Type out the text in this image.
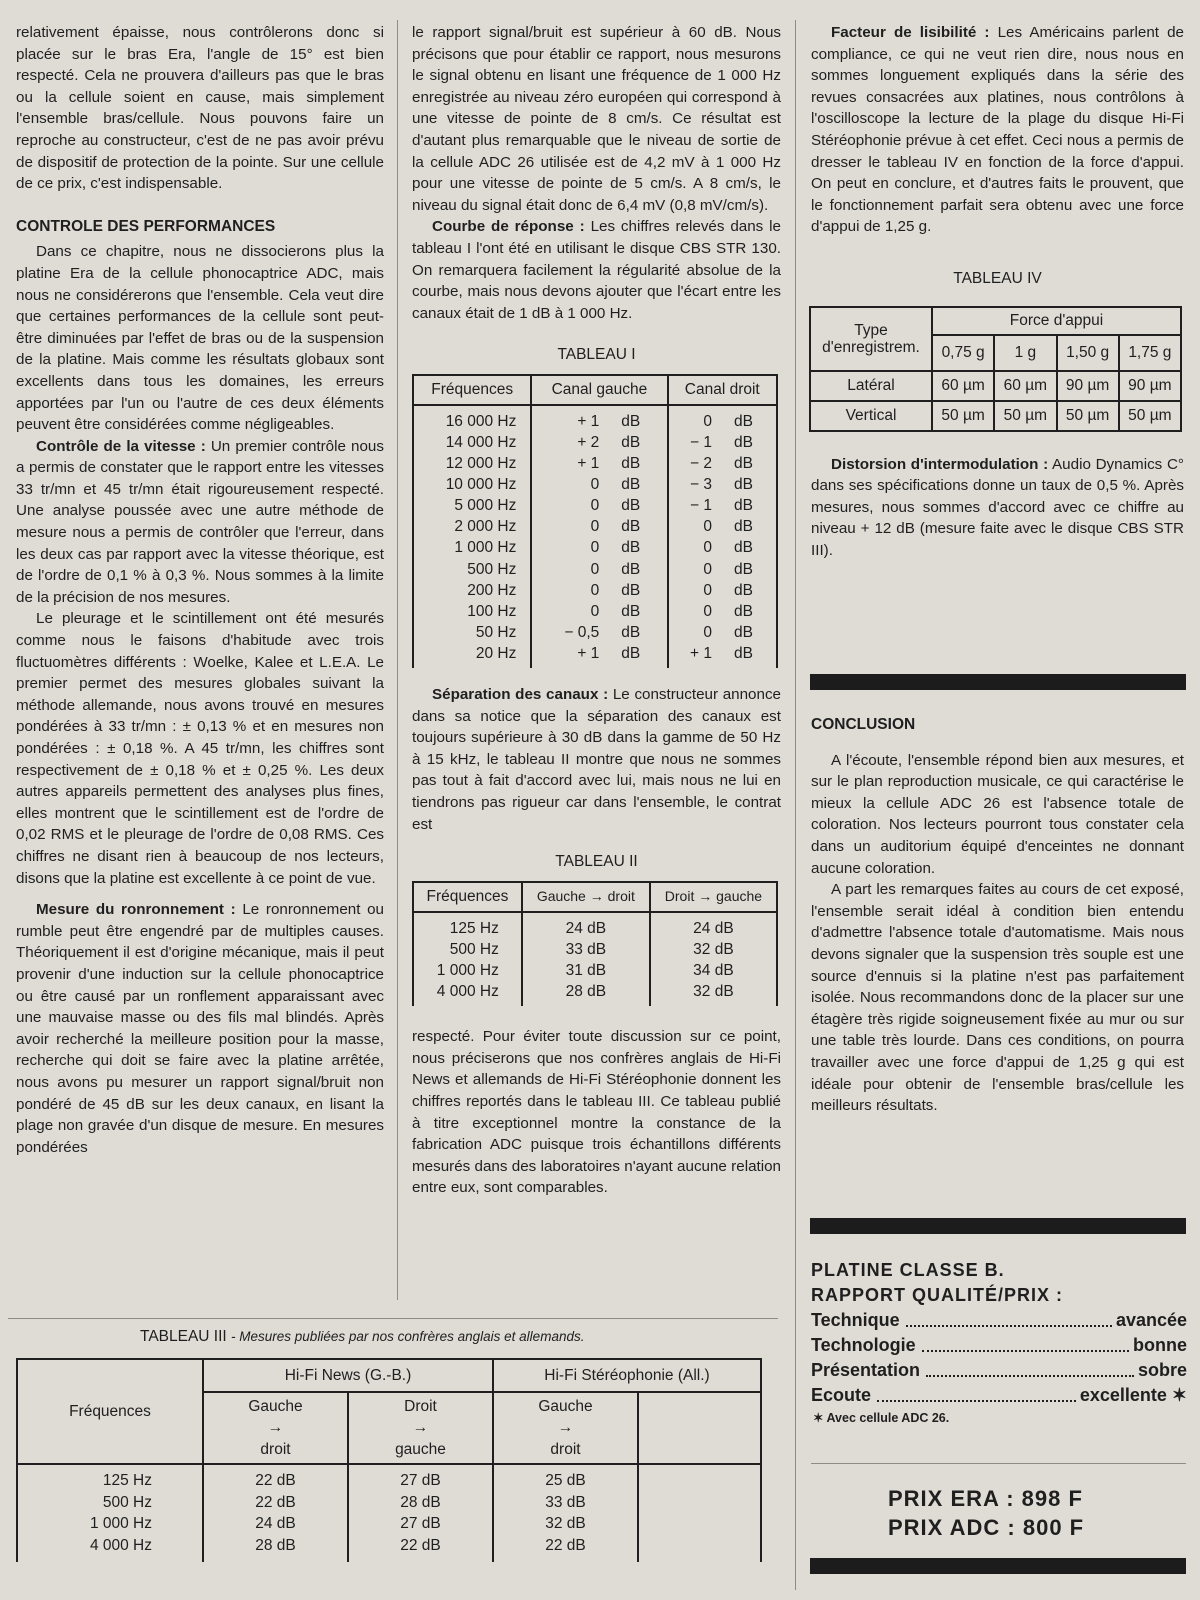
relativement épaisse, nous contrôlerons donc si placée sur le bras Era, l'angle de 15° est bien respecté. Cela ne prouvera d'ailleurs pas que le bras ou la cellule soient en cause, mais simplement l'ensemble bras/cellule. Nous pouvons faire un reproche au constructeur, c'est de ne pas avoir prévu de dispositif de protection de la pointe. Sur une cellule de ce prix, c'est indispensable.

CONTROLE DES PERFORMANCES

Dans ce chapitre, nous ne dissocierons plus la platine Era de la cellule phonocaptrice ADC, mais nous ne considérerons que l'ensemble. Cela veut dire que certaines performances de la cellule sont peut-être diminuées par l'effet de bras ou de la suspension de la platine. Mais comme les résultats globaux sont excellents dans tous les domaines, les erreurs apportées par l'un ou l'autre de ces deux éléments peuvent être considérées comme négligeables.

Contrôle de la vitesse : Un premier contrôle nous a permis de constater que le rapport entre les vitesses 33 tr/mn et 45 tr/mn était rigoureusement respecté. Une analyse poussée avec une autre méthode de mesure nous a permis de contrôler que l'erreur, dans les deux cas par rapport avec la vitesse théorique, est de l'ordre de 0,1 % à 0,3 %. Nous sommes à la limite de la précision de nos mesures.

Le pleurage et le scintillement ont été mesurés comme nous le faisons d'habitude avec trois fluctuomètres différents : Woelke, Kalee et L.E.A. Le premier permet des mesures globales suivant la méthode allemande, nous avons trouvé en mesures pondérées à 33 tr/mn : ± 0,13 % et en mesures non pondérées : ± 0,18 %. A 45 tr/mn, les chiffres sont respectivement de ± 0,18 % et ± 0,25 %. Les deux autres appareils permettent des analyses plus fines, elles montrent que le scintillement est de l'ordre de 0,02 RMS et le pleurage de l'ordre de 0,08 RMS. Ces chiffres ne disant rien à beaucoup de nos lecteurs, disons que la platine est excellente à ce point de vue.

Mesure du ronronnement : Le ronronnement ou rumble peut être engendré par de multiples causes. Théoriquement il est d'origine mécanique, mais il peut provenir d'une induction sur la cellule phonocaptrice ou être causé par un ronflement apparaissant avec une mauvaise masse ou des fils mal blindés. Après avoir recherché la meilleure position pour la masse, recherche qui doit se faire avec la platine arrêtée, nous avons pu mesurer un rapport signal/bruit non pondéré de 45 dB sur les deux canaux, en lisant la plage non gravée d'un disque de mesure. En mesures pondérées

le rapport signal/bruit est supérieur à 60 dB. Nous précisons que pour établir ce rapport, nous mesurons le signal obtenu en lisant une fréquence de 1 000 Hz enregistrée au niveau zéro européen qui correspond à une vitesse de pointe de 8 cm/s. Ce résultat est d'autant plus remarquable que le niveau de sortie de la cellule ADC 26 utilisée est de 4,2 mV à 1 000 Hz pour une vitesse de pointe de 5 cm/s. A 8 cm/s, le niveau du signal était donc de 6,4 mV (0,8 mV/cm/s).

Courbe de réponse : Les chiffres relevés dans le tableau I l'ont été en utilisant le disque CBS STR 130. On remarquera facilement la régularité absolue de la courbe, mais nous devons ajouter que l'écart entre les canaux était de 1 dB à 1 000 Hz.

TABLEAU I

Fréquences	Canal gauche		Canal droit	
16 000 Hz	+ 1	dB	0	dB
14 000 Hz	+ 2	dB	− 1	dB
12 000 Hz	+ 1	dB	− 2	dB
10 000 Hz	0	dB	− 3	dB
5 000 Hz	0	dB	− 1	dB
2 000 Hz	0	dB	0	dB
1 000 Hz	0	dB	0	dB
500 Hz	0	dB	0	dB
200 Hz	0	dB	0	dB
100 Hz	0	dB	0	dB
50 Hz	− 0,5	dB	0	dB
20 Hz	+ 1	dB	+ 1	dB

Séparation des canaux : Le constructeur annonce dans sa notice que la séparation des canaux est toujours supérieure à 30 dB dans la gamme de 50 Hz à 15 kHz, le tableau II montre que nous ne sommes pas tout à fait d'accord avec lui, mais nous ne lui en tiendrons pas rigueur car dans l'ensemble, le contrat est

TABLEAU II

Fréquences	Gauche → droit	Droit → gauche
125 Hz	24 dB	24 dB
500 Hz	33 dB	32 dB
1 000 Hz	31 dB	34 dB
4 000 Hz	28 dB	32 dB

respecté. Pour éviter toute discussion sur ce point, nous préciserons que nos confrères anglais de Hi-Fi News et allemands de Hi-Fi Stéréophonie donnent les chiffres reportés dans le tableau III. Ce tableau publié à titre exceptionnel montre la constance de la fabrication ADC puisque trois échantillons différents mesurés dans des laboratoires n'ayant aucune relation entre eux, sont comparables.

TABLEAU III - Mesures publiées par nos confrères anglais et allemands.
Fréquences	Hi-Fi News (G.-B.)		Hi-Fi Stéréophonie (All.)	
	Gauche
→
droit	Droit
→
gauche	Gauche
→
droit	
125 Hz	22 dB	27 dB	25 dB	
500 Hz	22 dB	28 dB	33 dB	
1 000 Hz	24 dB	27 dB	32 dB	
4 000 Hz	28 dB	22 dB	22 dB	

Facteur de lisibilité : Les Américains parlent de compliance, ce qui ne veut rien dire, nous nous en sommes longuement expliqués dans la série des revues consacrées aux platines, nous contrôlons à l'oscilloscope la lecture de la plage du disque Hi-Fi Stéréophonie prévue à cet effet. Ceci nous a permis de dresser le tableau IV en fonction de la force d'appui. On peut en conclure, et d'autres faits le prouvent, que le fonctionnement parfait sera obtenu avec une force d'appui de 1,25 g.

TABLEAU IV

Type d'enregistrem.	Force d'appui			
	0,75 g	1 g	1,50 g	1,75 g
Latéral	60 µm	60 µm	90 µm	90 µm
Vertical	50 µm	50 µm	50 µm	50 µm

Distorsion d'intermodulation : Audio Dynamics C° dans ses spécifications donne un taux de 0,5 %. Après mesures, nous sommes d'accord avec ce chiffre au niveau + 12 dB (mesure faite avec le disque CBS STR III).

CONCLUSION

A l'écoute, l'ensemble répond bien aux mesures, et sur le plan reproduction musicale, ce qui caractérise le mieux la cellule ADC 26 est l'absence totale de coloration. Nos lecteurs pourront tous constater cela dans un auditorium équipé d'enceintes ne donnant aucune coloration.

A part les remarques faites au cours de cet exposé, l'ensemble serait idéal à condition bien entendu d'admettre l'absence totale d'automatisme. Mais nous devons signaler que la suspension très souple est une source d'ennuis si la platine n'est pas parfaitement isolée. Nous recommandons donc de la placer sur une étagère très rigide soigneusement fixée au mur ou sur une table très lourde. Dans ces conditions, on pourra travailler avec une force d'appui de 1,25 g qui est idéale pour obtenir de l'ensemble bras/cellule les meilleurs résultats.

PLATINE CLASSE B.
RAPPORT QUALITÉ/PRIX :
Technique	avancée
Technologie	bonne
Présentation	sobre
Ecoute	excellente ✶
✶ Avec cellule ADC 26.
PRIX ERA : 898 F
PRIX ADC : 800 F
